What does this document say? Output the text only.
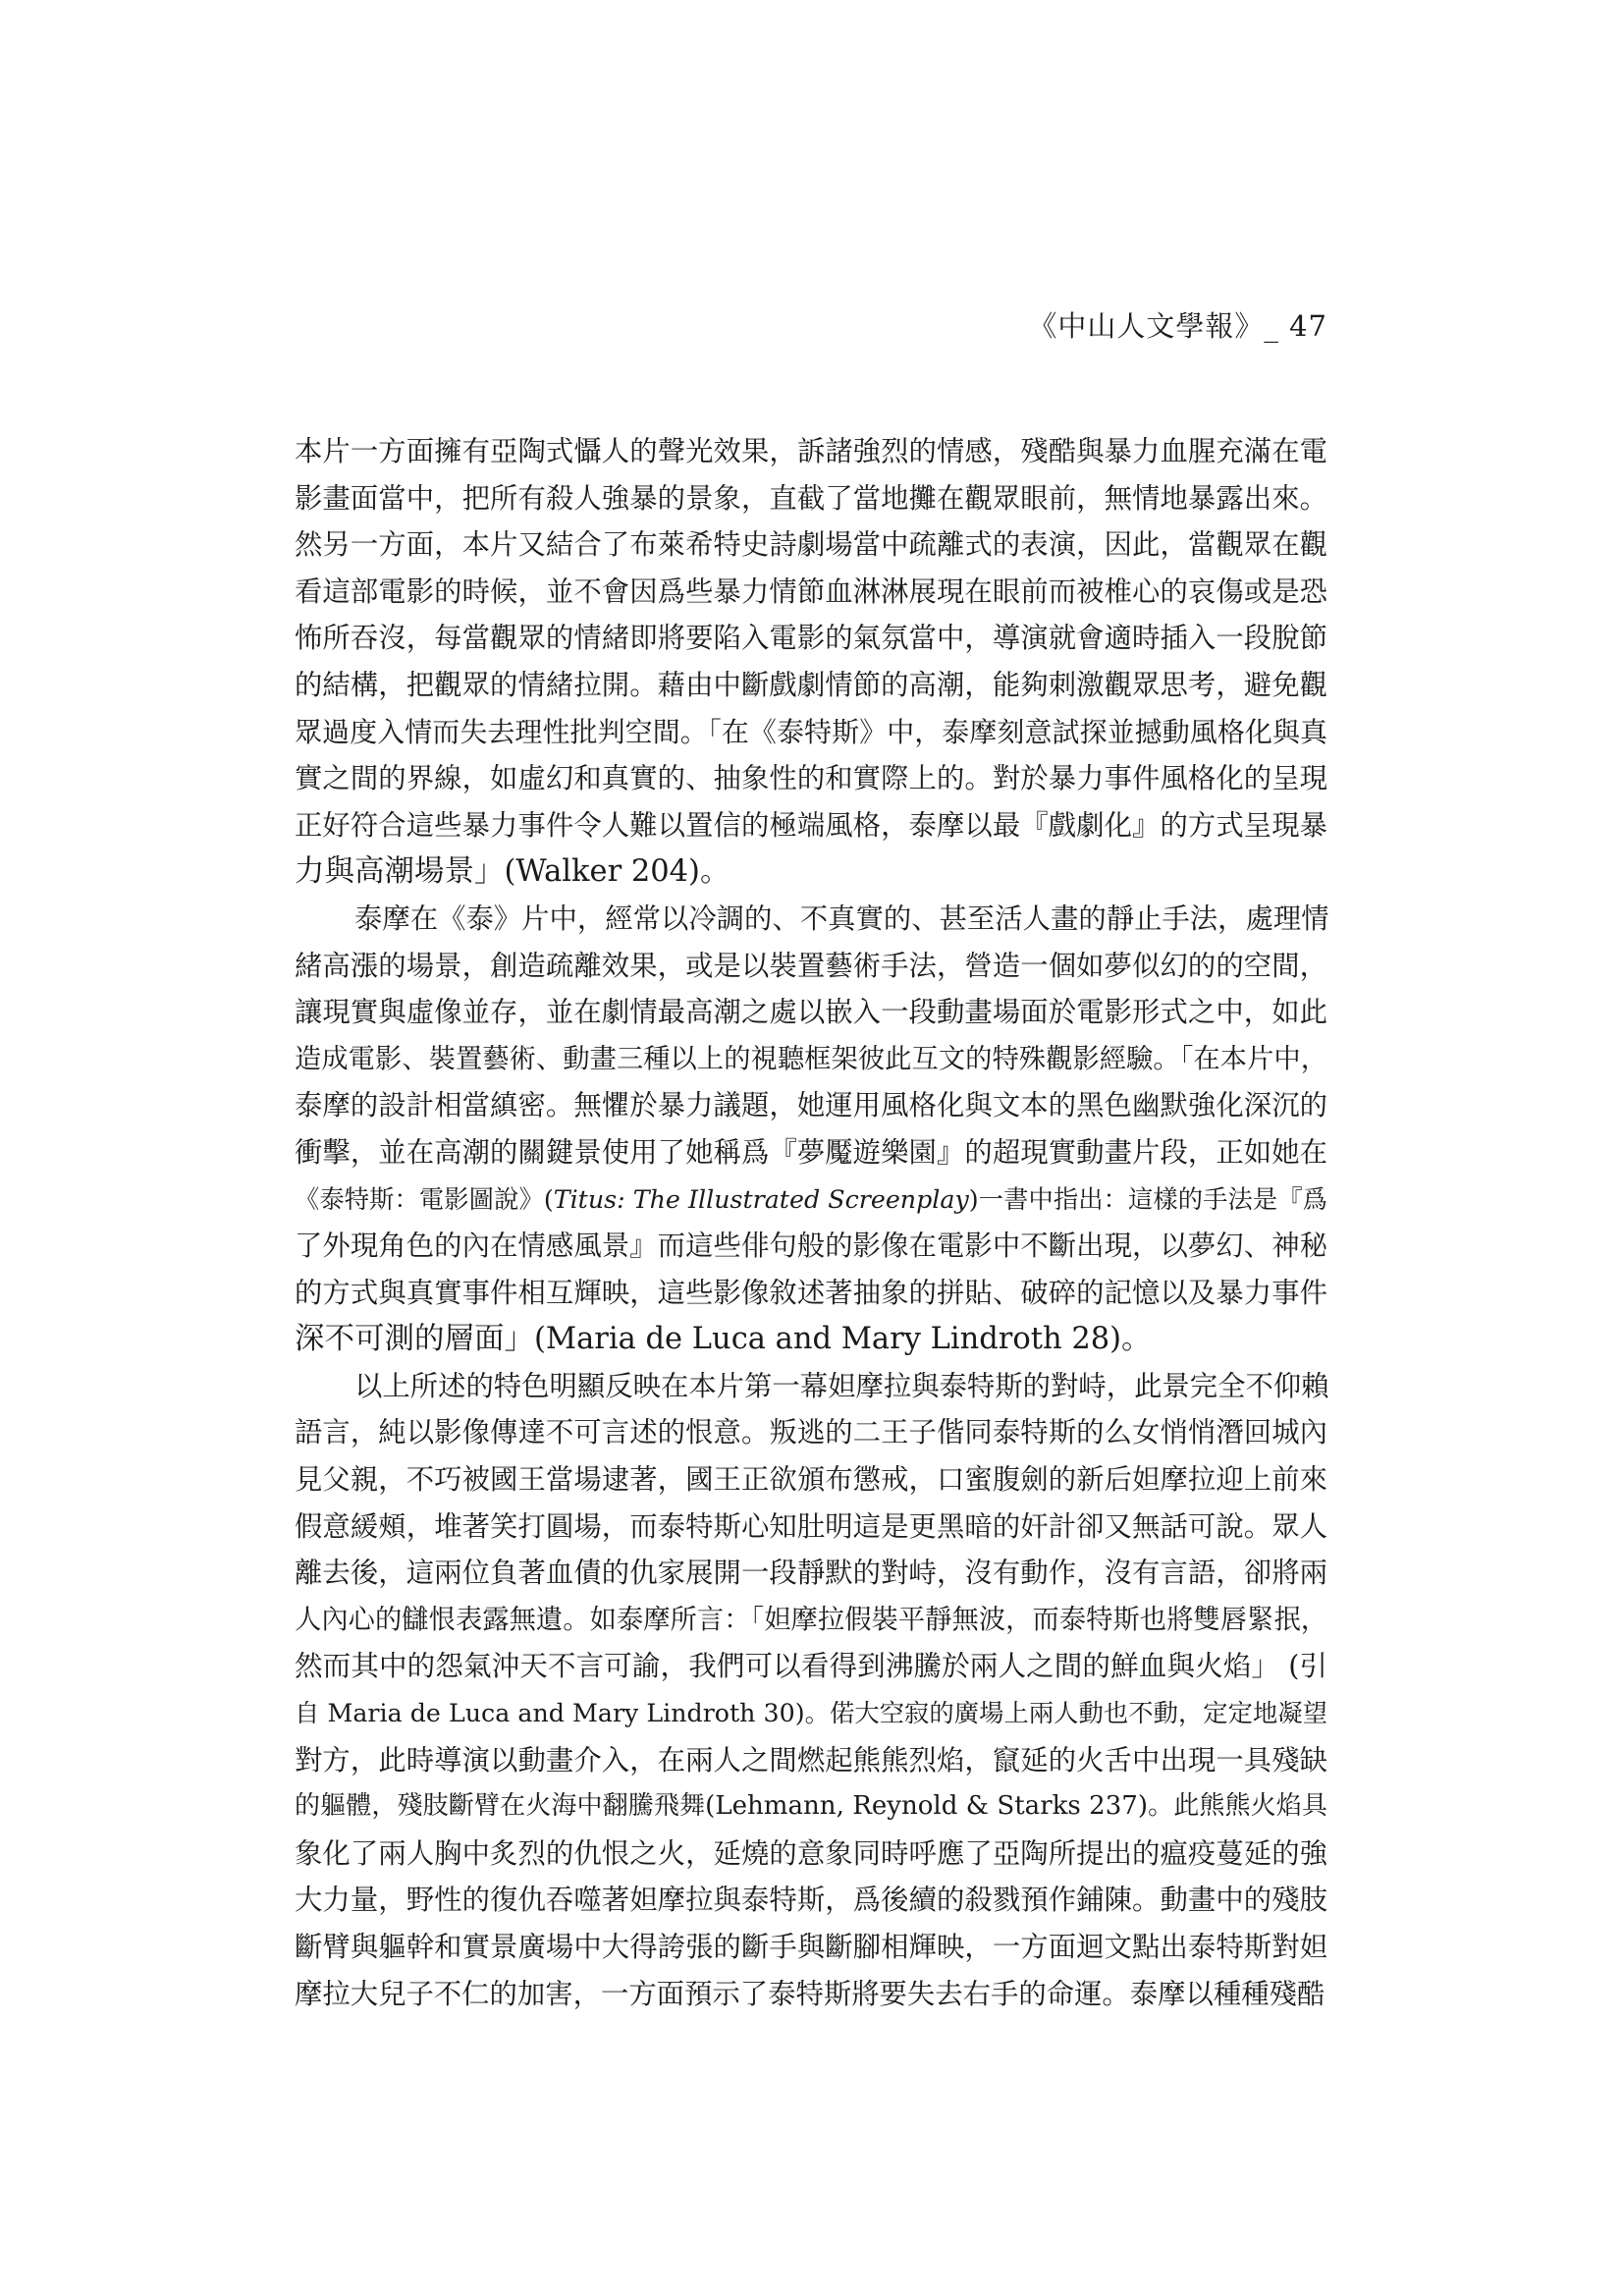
《中山人文學報》_ 47
本片一方面擁有亞陶式懾人的聲光效果，訴諸強烈的情感，殘酷與暴力血腥充滿在電
影畫面當中，把所有殺人強暴的景象，直截了當地攤在觀眾眼前，無情地暴露出來。
然另一方面，本片又結合了布萊希特史詩劇場當中疏離式的表演，因此，當觀眾在觀
看這部電影的時候，並不會因爲些暴力情節血淋淋展現在眼前而被椎心的哀傷或是恐
怖所吞沒，每當觀眾的情緒即將要陷入電影的氣氛當中，導演就會適時插入一段脫節
的結構，把觀眾的情緒拉開。藉由中斷戲劇情節的高潮，能夠刺激觀眾思考，避免觀
眾過度入情而失去理性批判空間。「在《泰特斯》中，泰摩刻意試探並撼動風格化與真
實之間的界線，如虛幻和真實的、抽象性的和實際上的。對於暴力事件風格化的呈現
正好符合這些暴力事件令人難以置信的極端風格，泰摩以最『戲劇化』的方式呈現暴
力與高潮場景」(Walker 204)。
泰摩在《泰》片中，經常以冷調的、不真實的、甚至活人畫的靜止手法，處理情
緒高漲的場景，創造疏離效果，或是以裝置藝術手法，營造一個如夢似幻的的空間，
讓現實與虛像並存，並在劇情最高潮之處以嵌入一段動畫場面於電影形式之中，如此
造成電影、裝置藝術、動畫三種以上的視聽框架彼此互文的特殊觀影經驗。「在本片中，
泰摩的設計相當縝密。無懼於暴力議題，她運用風格化與文本的黑色幽默強化深沉的
衝擊，並在高潮的關鍵景使用了她稱爲『夢魘遊樂園』的超現實動畫片段，正如她在
《泰特斯：電影圖說》(Titus: The Illustrated Screenplay)一書中指出：這樣的手法是『爲
了外現角色的內在情感風景』而這些俳句般的影像在電影中不斷出現，以夢幻、神秘
的方式與真實事件相互輝映，這些影像敘述著抽象的拼貼、破碎的記憶以及暴力事件
深不可測的層面」(Maria de Luca and Mary Lindroth 28)。
以上所述的特色明顯反映在本片第一幕妲摩拉與泰特斯的對峙，此景完全不仰賴
語言，純以影像傳達不可言述的恨意。叛逃的二王子偕同泰特斯的么女悄悄潛回城內
見父親，不巧被國王當場逮著，國王正欲頒布懲戒，口蜜腹劍的新后妲摩拉迎上前來
假意緩頰，堆著笑打圓場，而泰特斯心知肚明這是更黑暗的奸計卻又無話可說。眾人
離去後，這兩位負著血債的仇家展開一段靜默的對峙，沒有動作，沒有言語，卻將兩
人內心的讎恨表露無遺。如泰摩所言：「妲摩拉假裝平靜無波，而泰特斯也將雙唇緊抿，
然而其中的怨氣沖天不言可諭，我們可以看得到沸騰於兩人之間的鮮血與火焰」 (引
自 Maria de Luca and Mary Lindroth 30)。偌大空寂的廣場上兩人動也不動，定定地凝望
對方，此時導演以動畫介入，在兩人之間燃起熊熊烈焰，竄延的火舌中出現一具殘缺
的軀體，殘肢斷臂在火海中翻騰飛舞(Lehmann, Reynold & Starks 237)。此熊熊火焰具
象化了兩人胸中炙烈的仇恨之火，延燒的意象同時呼應了亞陶所提出的瘟疫蔓延的強
大力量，野性的復仇吞噬著妲摩拉與泰特斯，爲後續的殺戮預作鋪陳。動畫中的殘肢
斷臂與軀幹和實景廣場中大得誇張的斷手與斷腳相輝映，一方面迴文點出泰特斯對妲
摩拉大兒子不仁的加害，一方面預示了泰特斯將要失去右手的命運。泰摩以種種殘酷
